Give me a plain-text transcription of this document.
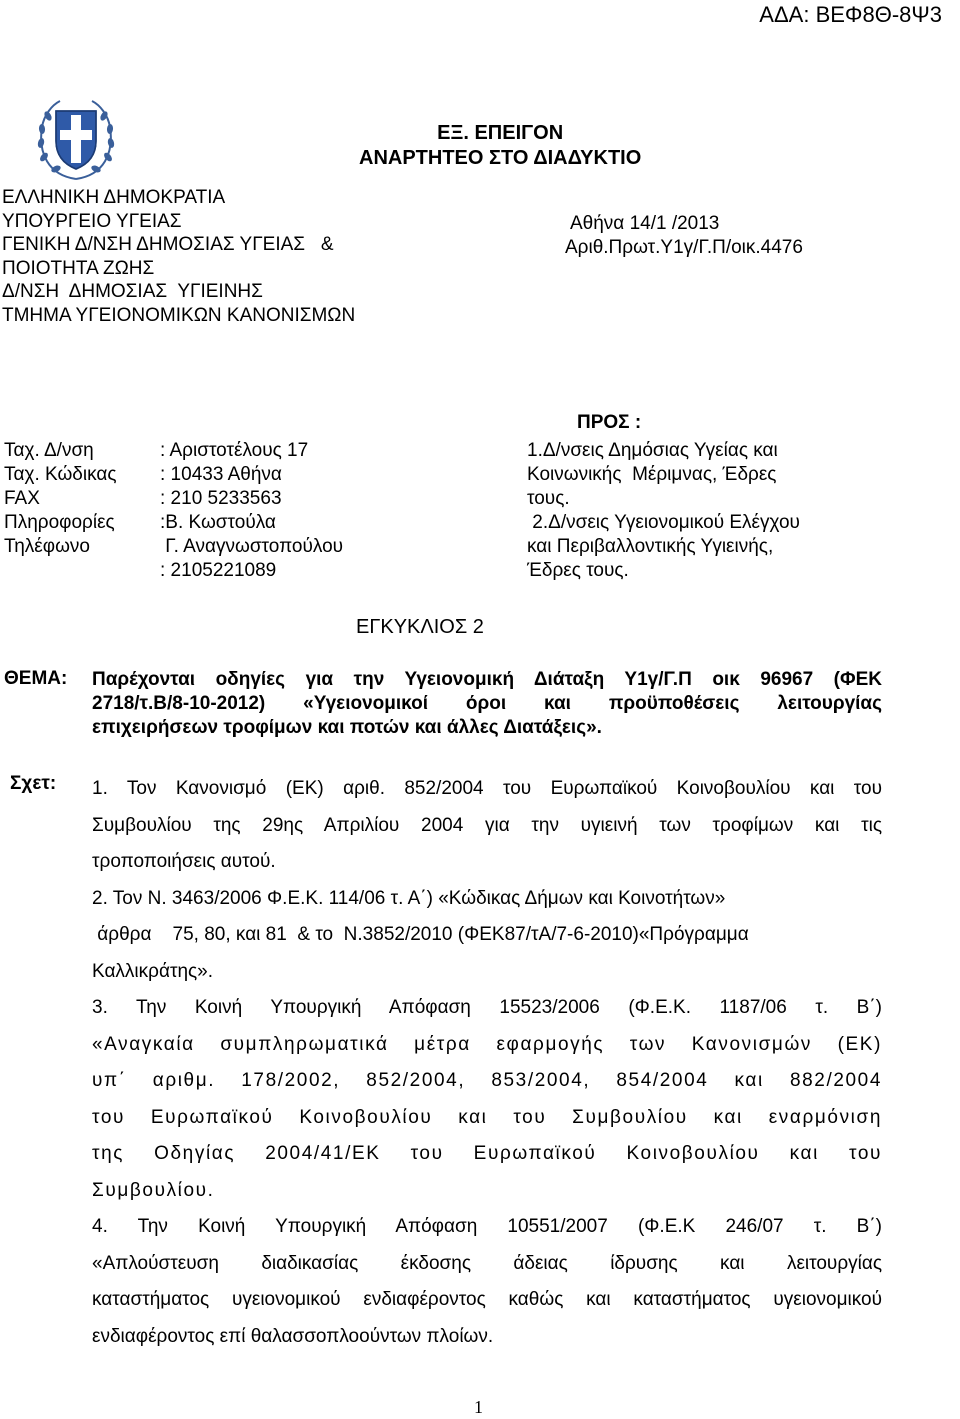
ΑΔΑ: ΒΕΦ8Θ-8Ψ3
ΕΞ. ΕΠΕΙΓΟΝ
ΑΝΑΡΤΗΤΕΟ ΣΤΟ ΔΙΑΔΥΚΤΙΟ
ΕΛΛΗΝΙΚΗ ΔΗΜΟΚΡΑΤΙΑ
ΥΠΟΥΡΓΕΙΟ ΥΓΕΙΑΣ
ΓΕΝΙΚΗ Δ/ΝΣΗ ΔΗΜΟΣΙΑΣ ΥΓΕΙΑΣ   &
ΠΟΙΟΤΗΤΑ ΖΩΗΣ
Δ/ΝΣΗ  ΔΗΜΟΣΙΑΣ  ΥΓΙΕΙΝΗΣ
ΤΜΗΜΑ ΥΓΕΙΟΝΟΜΙΚΩΝ ΚΑΝΟΝΙΣΜΩΝ
Αθήνα 14/1 /2013
Αριθ.Πρωτ.Υ1γ/Γ.Π/οικ.4476
Ταχ. Δ/νση	: Αριστοτέλους 17
Ταχ. Κώδικας	: 10433 Αθήνα
FAX	: 210 5233563
Πληροφορίες	:Β. Κωστούλα
Τηλέφωνο	Γ. Αναγνωστοπούλου
: 2105221089
ΠΡΟΣ :
1.Δ/νσεις Δημόσιας Υγείας και
Κοινωνικής  Μέριμνας, Έδρες
τους.
2.Δ/νσεις Υγειονομικού Ελέγχου
και Περιβαλλοντικής Υγιεινής,
Έδρες τους.
ΕΓΚΥΚΛΙΟΣ 2
ΘΕΜΑ: Παρέχονται οδηγίες για την Υγειονομική Διάταξη Υ1γ/Γ.Π οικ 96967 (ΦΕΚ

2718/τ.Β/8-10-2012) «Υγειονομικοί όροι και προϋποθέσεις λειτουργίας

επιχειρήσεων τροφίμων και ποτών και άλλες Διατάξεις».

Σχετ: 1. Τον Κανονισμό (ΕΚ) αριθ. 852/2004 του Ευρωπαϊκού Κοινοβουλίου και του

Συμβουλίου της 29ης Απριλίου 2004 για την υγιεινή των τροφίμων και τις

τροποποιήσεις αυτού.

2. Τον Ν. 3463/2006 Φ.Ε.Κ. 114/06 τ. Α΄) «Κώδικας Δήμων και Κοινοτήτων»

άρθρα    75, 80, και 81  & το  Ν.3852/2010 (ΦΕΚ87/τΑ/7-6-2010)«Πρόγραμμα

Καλλικράτης».

3. Την Κοινή Υπουργική Απόφαση 15523/2006 (Φ.Ε.Κ. 1187/06 τ. Β΄)

«Αναγκαία συμπληρωματικά μέτρα εφαρμογής των Κανονισμών (ΕΚ)

υπ΄ αριθμ. 178/2002, 852/2004, 853/2004, 854/2004 και 882/2004

του Ευρωπαϊκού Κοινοβουλίου και του Συμβουλίου και εναρμόνιση

της Οδηγίας 2004/41/ΕΚ του Ευρωπαϊκού Κοινοβουλίου και του

Συμβουλίου.

4. Την Κοινή Υπουργική Απόφαση 10551/2007 (Φ.Ε.Κ 246/07 τ. Β΄)

«Απλούστευση διαδικασίας έκδοσης άδειας ίδρυσης και λειτουργίας

καταστήματος υγειονομικού ενδιαφέροντος καθώς και καταστήματος υγειονομικού

ενδιαφέροντος επί θαλασσοπλοούντων πλοίων.

1
